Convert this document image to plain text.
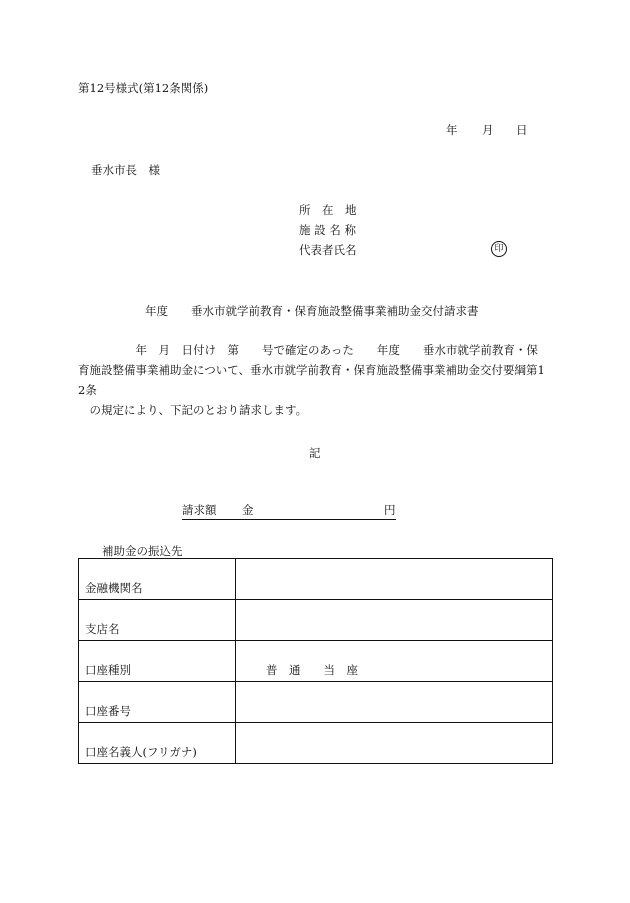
第12号様式(第12条関係)
年 月 日
垂水市長　様
所　在　地
施 設 名 称
代表者氏名	印
年度　　垂水市就学前教育・保育施設整備事業補助金交付請求書
　　　　　年　月　日付け　第　　号で確定のあった　　年度　　垂水市就学前教育・保
育施設整備事業補助金について、垂水市就学前教育・保育施設整備事業補助金交付要綱第1
2条
　の規定により、下記のとおり請求します。
記
請求額 金	円
補助金の振込先
金融機関名	
支店名	
口座種別	普　通　　当　座
口座番号	
口座名義人(フリガナ)	
